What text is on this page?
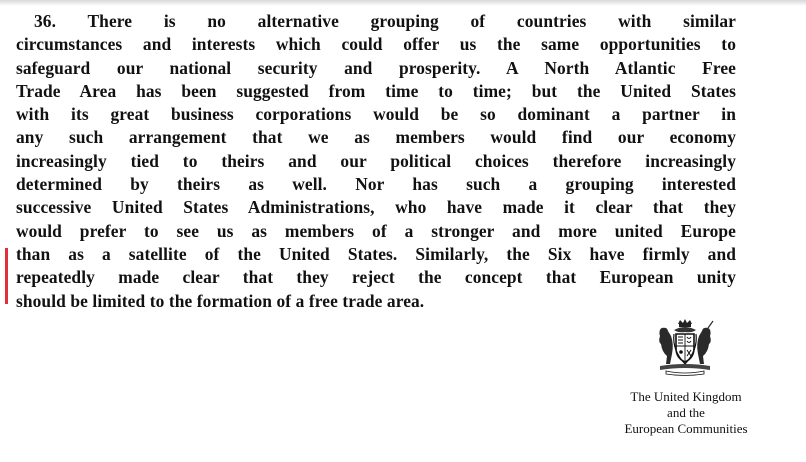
36. There is no alternative grouping of countries with similar
circumstances and interests which could offer us the same opportunities to
safeguard our national security and prosperity. A North Atlantic Free
Trade Area has been suggested from time to time; but the United States
with its great business corporations would be so dominant a partner in
any such arrangement that we as members would find our economy
increasingly tied to theirs and our political choices therefore increasingly
determined by theirs as well. Nor has such a grouping interested
successive United States Administrations, who have made it clear that they
would prefer to see us as members of a stronger and more united Europe
than as a satellite of the United States. Similarly, the Six have firmly and
repeatedly made clear that they reject the concept that European unity
should be limited to the formation of a free trade area.
The United Kingdom
and the
European Communities
